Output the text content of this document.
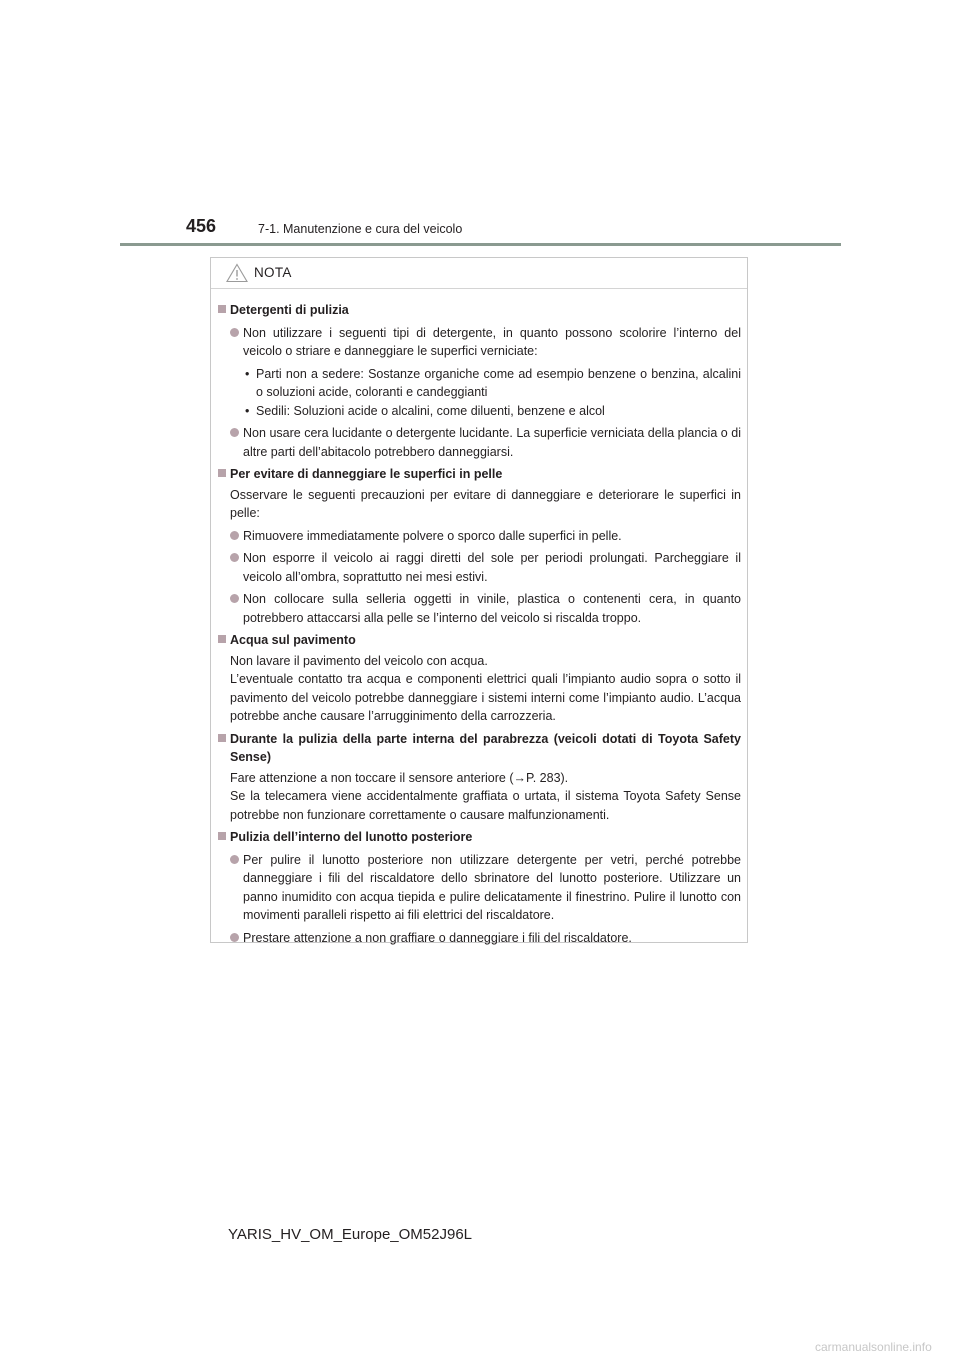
456	7-1. Manutenzione e cura del veicolo
NOTA
Detergenti di pulizia
Non utilizzare i seguenti tipi di detergente, in quanto possono scolorire l’interno del veicolo o striare e danneggiare le superfici verniciate:
• Parti non a sedere: Sostanze organiche come ad esempio benzene o benzina, alcalini o soluzioni acide, coloranti e candeggianti
• Sedili: Soluzioni acide o alcalini, come diluenti, benzene e alcol
Non usare cera lucidante o detergente lucidante. La superficie verniciata della plancia o di altre parti dell’abitacolo potrebbero danneggiarsi.
Per evitare di danneggiare le superfici in pelle
Osservare le seguenti precauzioni per evitare di danneggiare e deteriorare le superfici in pelle:
Rimuovere immediatamente polvere o sporco dalle superfici in pelle.
Non esporre il veicolo ai raggi diretti del sole per periodi prolungati. Parcheggiare il veicolo all’ombra, soprattutto nei mesi estivi.
Non collocare sulla selleria oggetti in vinile, plastica o contenenti cera, in quanto potrebbero attaccarsi alla pelle se l’interno del veicolo si riscalda troppo.
Acqua sul pavimento
Non lavare il pavimento del veicolo con acqua.
L’eventuale contatto tra acqua e componenti elettrici quali l’impianto audio sopra o sotto il pavimento del veicolo potrebbe danneggiare i sistemi interni come l’impianto audio. L’acqua potrebbe anche causare l’arrugginimento della carrozzeria.
Durante la pulizia della parte interna del parabrezza (veicoli dotati di Toyota Safety Sense)
Fare attenzione a non toccare il sensore anteriore (→P. 283).
Se la telecamera viene accidentalmente graffiata o urtata, il sistema Toyota Safety Sense potrebbe non funzionare correttamente o causare malfunzionamenti.
Pulizia dell’interno del lunotto posteriore
Per pulire il lunotto posteriore non utilizzare detergente per vetri, perché potrebbe danneggiare i fili del riscaldatore dello sbrinatore del lunotto posteriore. Utilizzare un panno inumidito con acqua tiepida e pulire delicatamente il finestrino. Pulire il lunotto con movimenti paralleli rispetto ai fili elettrici del riscaldatore.
Prestare attenzione a non graffiare o danneggiare i fili del riscaldatore.
YARIS_HV_OM_Europe_OM52J96L
carmanualsonline.info
